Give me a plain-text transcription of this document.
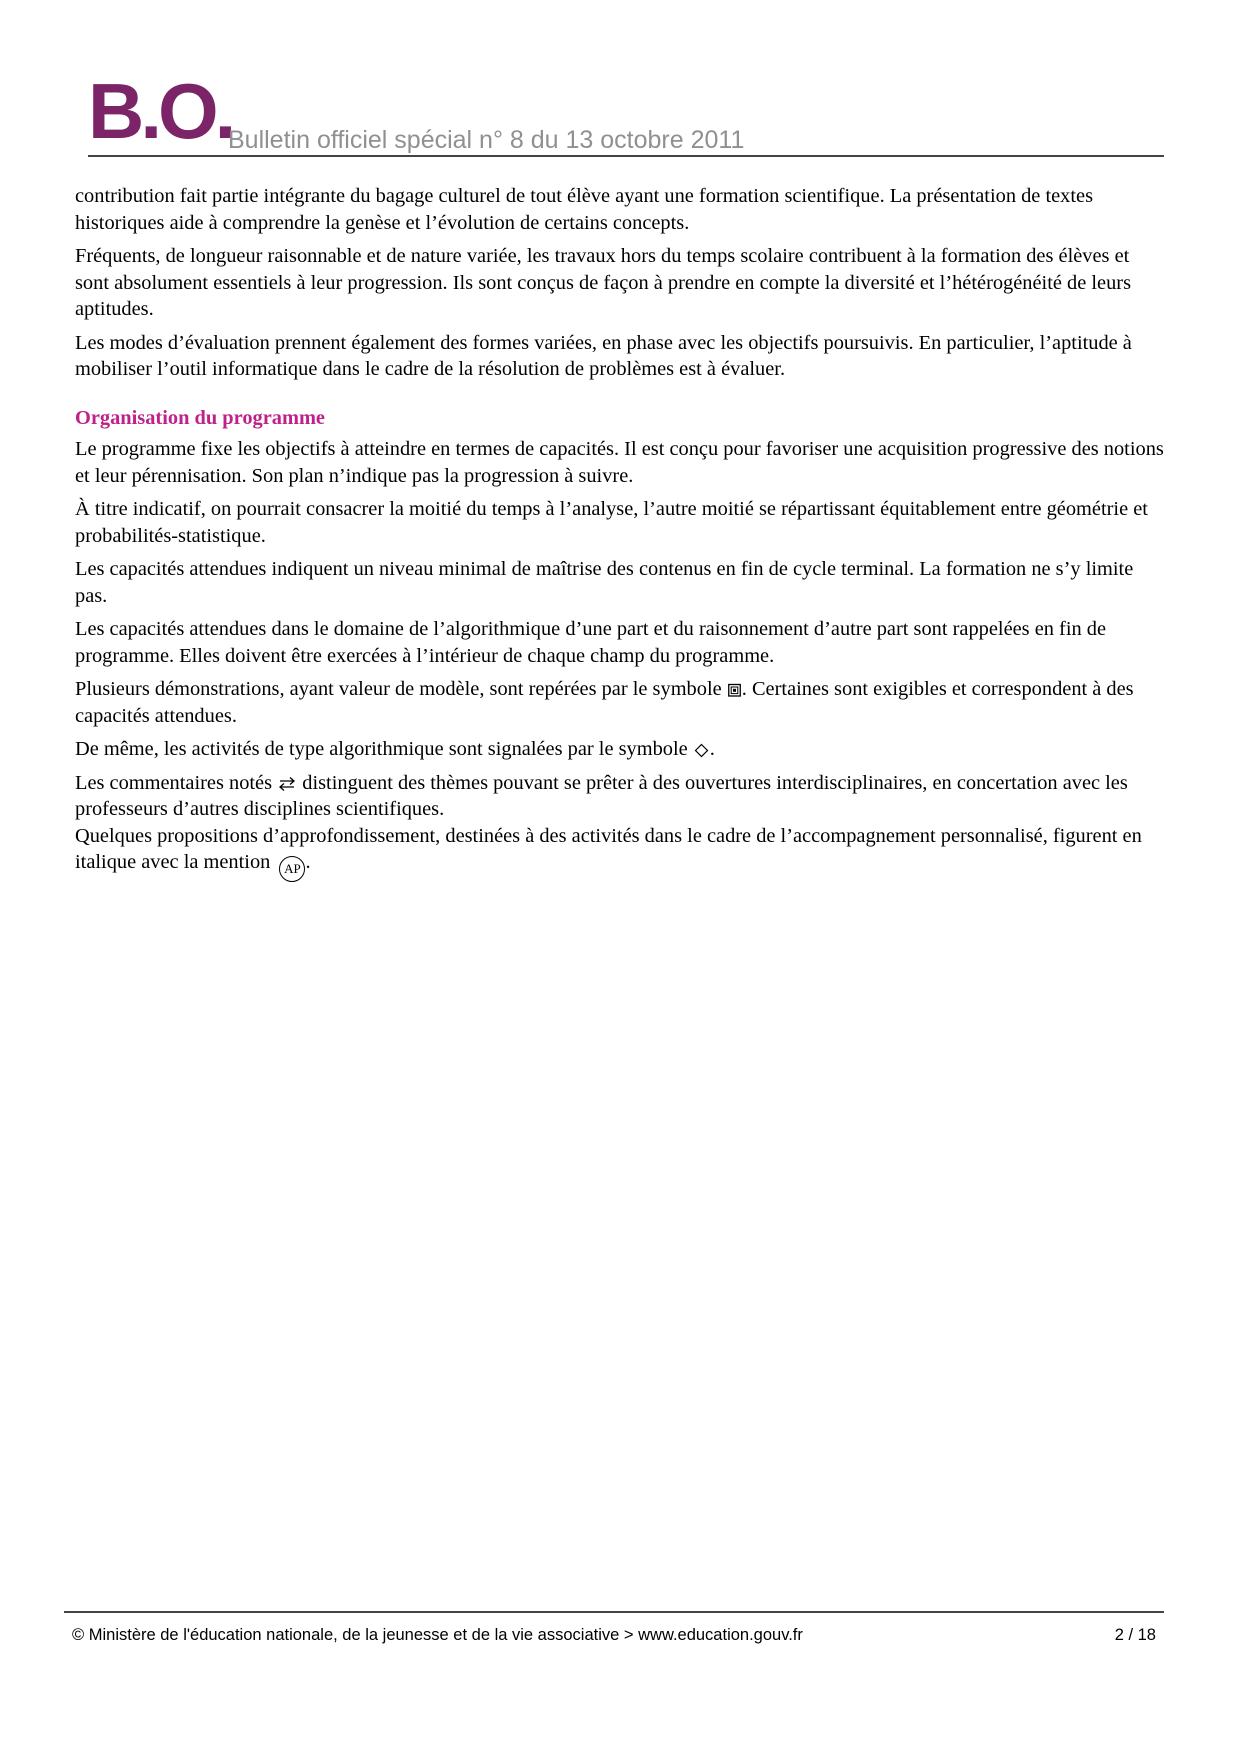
B.O.
Bulletin officiel spécial n° 8 du 13 octobre 2011

contribution fait partie intégrante du bagage culturel de tout élève ayant une formation scientifique. La présentation de textes historiques aide à comprendre la genèse et l’évolution de certains concepts.

Fréquents, de longueur raisonnable et de nature variée, les travaux hors du temps scolaire contribuent à la formation des élèves et sont absolument essentiels à leur progression. Ils sont conçus de façon à prendre en compte la diversité et l’hétérogénéité de leurs aptitudes.

Les modes d’évaluation prennent également des formes variées, en phase avec les objectifs poursuivis. En particulier, l’aptitude à mobiliser l’outil informatique dans le cadre de la résolution de problèmes est à évaluer.

Organisation du programme

Le programme fixe les objectifs à atteindre en termes de capacités. Il est conçu pour favoriser une acquisition progressive des notions et leur pérennisation. Son plan n’indique pas la progression à suivre.

À titre indicatif, on pourrait consacrer la moitié du temps à l’analyse, l’autre moitié se répartissant équitablement entre géométrie et probabilités-statistique.

Les capacités attendues indiquent un niveau minimal de maîtrise des contenus en fin de cycle terminal. La formation ne s’y limite pas.

Les capacités attendues dans le domaine de l’algorithmique d’une part et du raisonnement d’autre part sont rappelées en fin de programme. Elles doivent être exercées à l’intérieur de chaque champ du programme.

Plusieurs démonstrations, ayant valeur de modèle, sont repérées par le symbole . Certaines sont exigibles et correspondent à des capacités attendues.

De même, les activités de type algorithmique sont signalées par le symbole .

Les commentaires notés  distinguent des thèmes pouvant se prêter à des ouvertures interdisciplinaires, en concertation avec les professeurs d’autres disciplines scientifiques.

Quelques propositions d’approfondissement, destinées à des activités dans le cadre de l’accompagnement personnalisé, figurent en italique avec la mention AP .

© Ministère de l'éducation nationale, de la jeunesse et de la vie associative > www.education.gouv.fr	2 / 18
